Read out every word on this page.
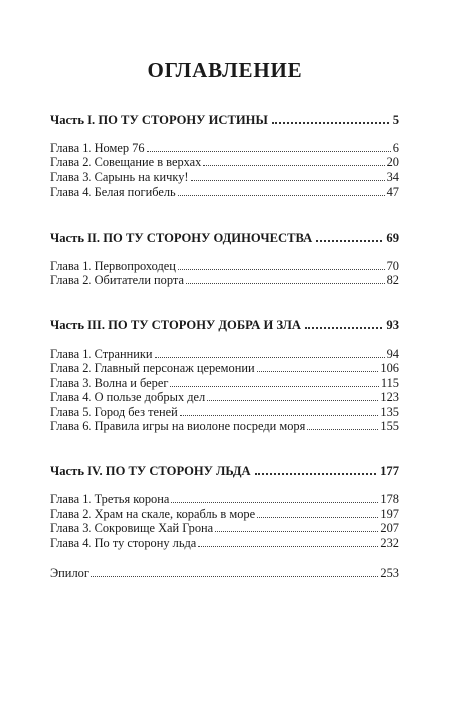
ОГЛАВЛЕНИЕ
Часть I. ПО ТУ СТОРОНУ ИСТИНЫ	5
Глава 1. Номер 76	6
Глава 2. Совещание в верхах	20
Глава 3. Сарынь на кичку!	34
Глава 4. Белая погибель	47
Часть II. ПО ТУ СТОРОНУ ОДИНОЧЕСТВА	69
Глава 1. Первопроходец	70
Глава 2. Обитатели порта	82
Часть III. ПО ТУ СТОРОНУ ДОБРА И ЗЛА	93
Глава 1. Странники	94
Глава 2. Главный персонаж церемонии	106
Глава 3. Волна и берег	115
Глава 4. О пользе добрых дел	123
Глава 5. Город без теней	135
Глава 6. Правила игры на виолоне посреди моря	155
Часть IV. ПО ТУ СТОРОНУ ЛЬДА	177
Глава 1. Третья корона	178
Глава 2. Храм на скале, корабль в море	197
Глава 3. Сокровище Хай Грона	207
Глава 4. По ту сторону льда	232
Эпилог	253
